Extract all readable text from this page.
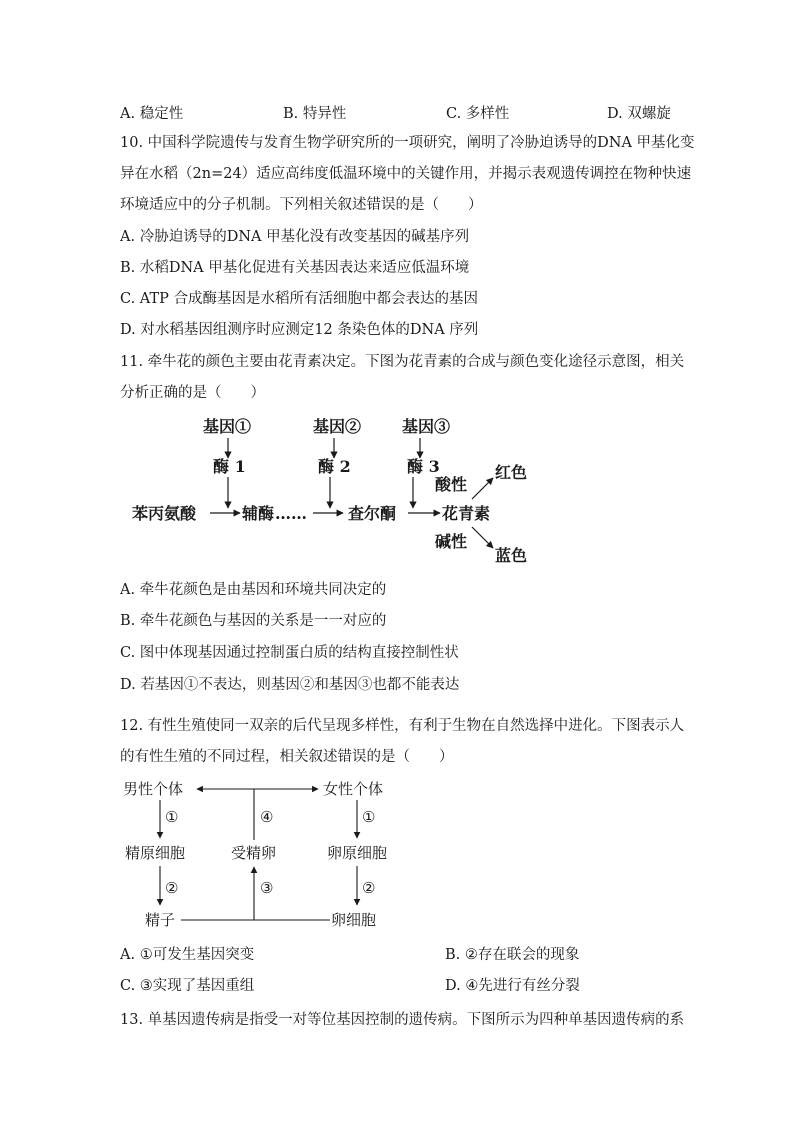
A. 稳定性	B. 特异性	C. 多样性	D. 双螺旋
10. 中国科学院遗传与发育生物学研究所的一项研究，阐明了冷胁迫诱导的DNA 甲基化变
异在水稻（2n=24）适应高纬度低温环境中的关键作用，并揭示表观遗传调控在物种快速
环境适应中的分子机制。下列相关叙述错误的是（　　）
A. 冷胁迫诱导的DNA 甲基化没有改变基因的碱基序列
B. 水稻DNA 甲基化促进有关基因表达来适应低温环境
C. ATP 合成酶基因是水稻所有活细胞中都会表达的基因
D. 对水稻基因组测序时应测定12 条染色体的DNA 序列
11. 牵牛花的颜色主要由花青素决定。下图为花青素的合成与颜色变化途径示意图，相关
分析正确的是（　　）
基因①	基因②	基因③
酶 1	酶 2	酶 3
苯丙氨酸	辅酶 ……	查尔酮	花青素
酸性
碱性
红色
蓝色
A. 牵牛花颜色是由基因和环境共同决定的
B. 牵牛花颜色与基因的关系是一一对应的
C. 图中体现基因通过控制蛋白质的结构直接控制性状
D. 若基因①不表达，则基因②和基因③也都不能表达
12. 有性生殖使同一双亲的后代呈现多样性，有利于生物在自然选择中进化。下图表示人
的有性生殖的不同过程，相关叙述错误的是（　　）
男性个体	女性个体
①	④	①
精原细胞	受精卵	卵原细胞
②	③	②
精子	卵细胞
A. ①可发生基因突变	B. ②存在联会的现象
C. ③实现了基因重组	D. ④先进行有丝分裂
13. 单基因遗传病是指受一对等位基因控制的遗传病。下图所示为四种单基因遗传病的系
